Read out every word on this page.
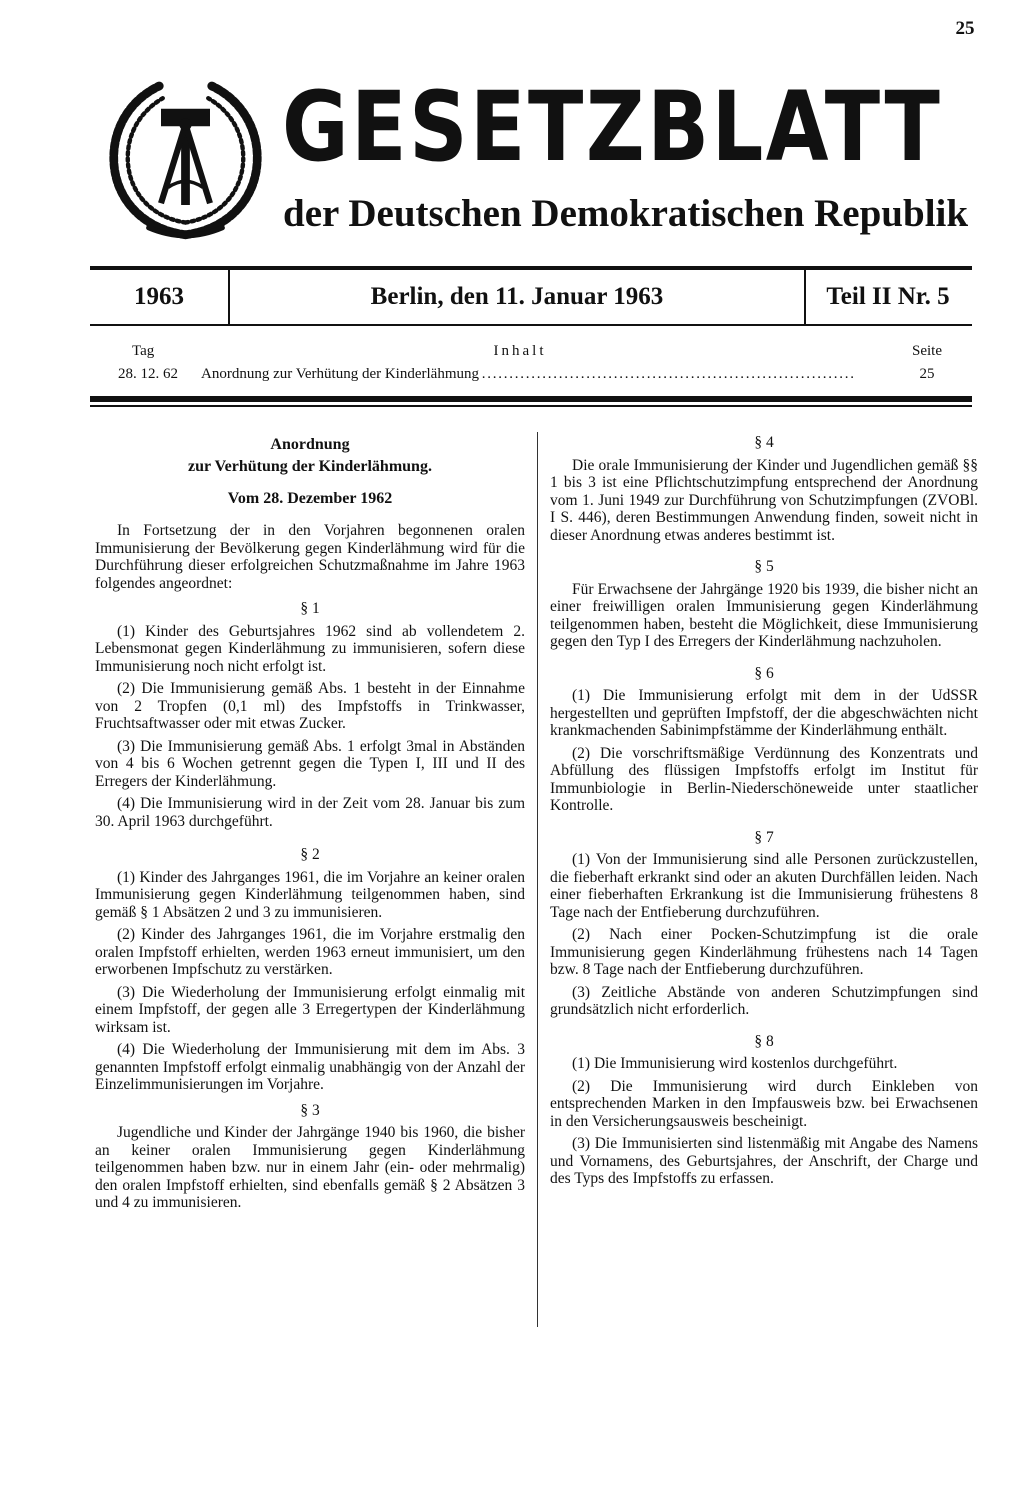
25
GESETZBLATT
der Deutschen Demokratischen Republik
1963	Berlin, den 11. Januar 1963	Teil II Nr. 5
Tag	Inhalt	Seite
28. 12. 62	Anordnung zur Verhütung der Kinderlähmung . . .	25
Anordnung
zur Verhütung der Kinderlähmung.
Vom 28. Dezember 1962

In Fortsetzung der in den Vorjahren begonnenen oralen Immunisierung der Bevölkerung gegen Kinderlähmung wird für die Durchführung dieser erfolgreichen Schutzmaßnahme im Jahre 1963 folgendes angeordnet:

§ 1

(1) Kinder des Geburtsjahres 1962 sind ab vollendetem 2. Lebensmonat gegen Kinderlähmung zu immunisieren, sofern diese Immunisierung noch nicht erfolgt ist.

(2) Die Immunisierung gemäß Abs. 1 besteht in der Einnahme von 2 Tropfen (0,1 ml) des Impfstoffs in Trinkwasser, Fruchtsaftwasser oder mit etwas Zucker.

(3) Die Immunisierung gemäß Abs. 1 erfolgt 3mal in Abständen von 4 bis 6 Wochen getrennt gegen die Typen I, III und II des Erregers der Kinderlähmung.

(4) Die Immunisierung wird in der Zeit vom 28. Januar bis zum 30. April 1963 durchgeführt.

§ 2

(1) Kinder des Jahrganges 1961, die im Vorjahre an keiner oralen Immunisierung gegen Kinderlähmung teilgenommen haben, sind gemäß § 1 Absätzen 2 und 3 zu immunisieren.

(2) Kinder des Jahrganges 1961, die im Vorjahre erstmalig den oralen Impfstoff erhielten, werden 1963 erneut immunisiert, um den erworbenen Impfschutz zu verstärken.

(3) Die Wiederholung der Immunisierung erfolgt einmalig mit einem Impfstoff, der gegen alle 3 Erregertypen der Kinderlähmung wirksam ist.

(4) Die Wiederholung der Immunisierung mit dem im Abs. 3 genannten Impfstoff erfolgt einmalig unabhängig von der Anzahl der Einzelimmunisierungen im Vorjahre.

§ 3

Jugendliche und Kinder der Jahrgänge 1940 bis 1960, die bisher an keiner oralen Immunisierung gegen Kinderlähmung teilgenommen haben bzw. nur in einem Jahr (ein- oder mehrmalig) den oralen Impfstoff erhielten, sind ebenfalls gemäß § 2 Absätzen 3 und 4 zu immunisieren.

§ 4

Die orale Immunisierung der Kinder und Jugendlichen gemäß §§ 1 bis 3 ist eine Pflichtschutzimpfung entsprechend der Anordnung vom 1. Juni 1949 zur Durchführung von Schutzimpfungen (ZVOBl. I S. 446), deren Bestimmungen Anwendung finden, soweit nicht in dieser Anordnung etwas anderes bestimmt ist.

§ 5

Für Erwachsene der Jahrgänge 1920 bis 1939, die bisher nicht an einer freiwilligen oralen Immunisierung gegen Kinderlähmung teilgenommen haben, besteht die Möglichkeit, diese Immunisierung gegen den Typ I des Erregers der Kinderlähmung nachzuholen.

§ 6

(1) Die Immunisierung erfolgt mit dem in der UdSSR hergestellten und geprüften Impfstoff, der die abgeschwächten nicht krankmachenden Sabinimpfstämme der Kinderlähmung enthält.

(2) Die vorschriftsmäßige Verdünnung des Konzentrats und Abfüllung des flüssigen Impfstoffs erfolgt im Institut für Immunbiologie in Berlin-Niederschöneweide unter staatlicher Kontrolle.

§ 7

(1) Von der Immunisierung sind alle Personen zurückzustellen, die fieberhaft erkrankt sind oder an akuten Durchfällen leiden. Nach einer fieberhaften Erkrankung ist die Immunisierung frühestens 8 Tage nach der Entfieberung durchzuführen.

(2) Nach einer Pocken-Schutzimpfung ist die orale Immunisierung gegen Kinderlähmung frühestens nach 14 Tagen bzw. 8 Tage nach der Entfieberung durchzuführen.

(3) Zeitliche Abstände von anderen Schutzimpfungen sind grundsätzlich nicht erforderlich.

§ 8

(1) Die Immunisierung wird kostenlos durchgeführt.

(2) Die Immunisierung wird durch Einkleben von entsprechenden Marken in den Impfausweis bzw. bei Erwachsenen in den Versicherungsausweis bescheinigt.

(3) Die Immunisierten sind listenmäßig mit Angabe des Namens und Vornamens, des Geburtsjahres, der Anschrift, der Charge und des Typs des Impfstoffs zu erfassen.
